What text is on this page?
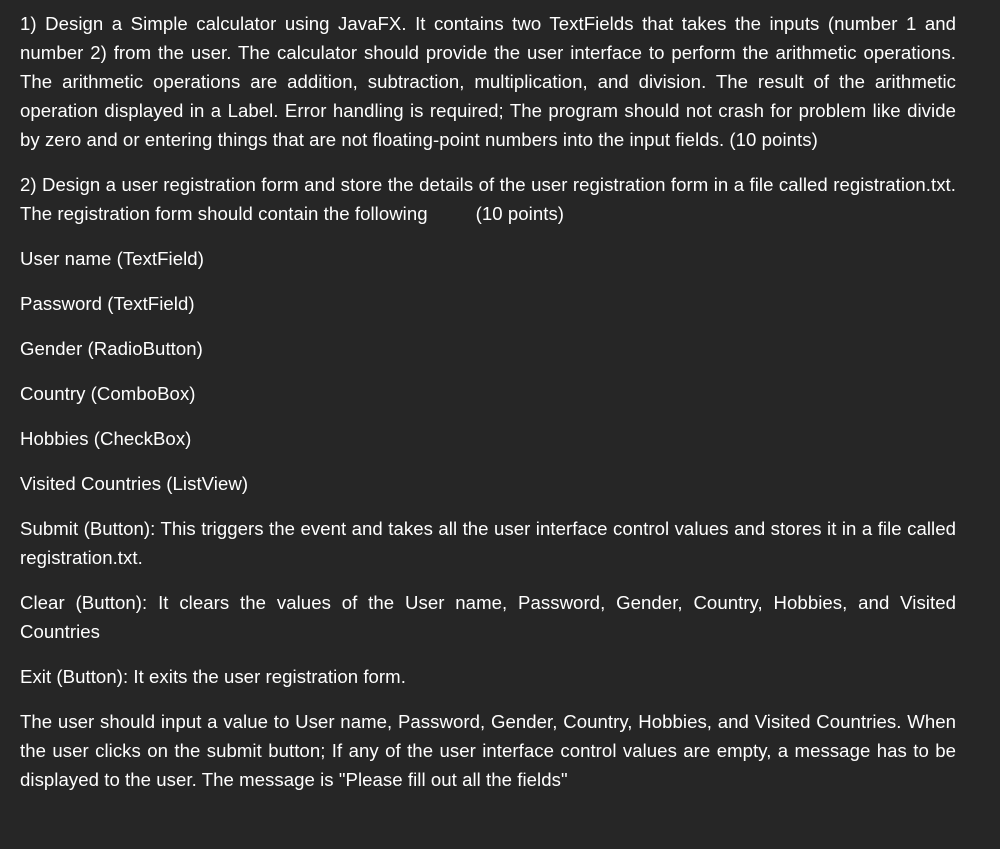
1) Design a Simple calculator using JavaFX. It contains two TextFields that takes the inputs (number 1 and number 2) from the user. The calculator should provide the user interface to perform the arithmetic operations. The arithmetic operations are addition, subtraction, multiplication, and division. The result of the arithmetic operation displayed in a Label. Error handling is required; The program should not crash for problem like divide by zero and or entering things that are not floating-point numbers into the input fields. (10 points)

2) Design a user registration form and store the details of the user registration form in a file called registration.txt. The registration form should contain the following	(10 points)

User name (TextField)

Password (TextField)

Gender (RadioButton)

Country (ComboBox)

Hobbies (CheckBox)

Visited Countries (ListView)

Submit (Button): This triggers the event and takes all the user interface control values and stores it in a file called registration.txt.

Clear (Button): It clears the values of the User name, Password, Gender, Country, Hobbies, and Visited Countries

Exit (Button): It exits the user registration form.

The user should input a value to User name, Password, Gender, Country, Hobbies, and Visited Countries. When the user clicks on the submit button; If any of the user interface control values are empty, a message has to be displayed to the user. The message is "Please fill out all the fields"
